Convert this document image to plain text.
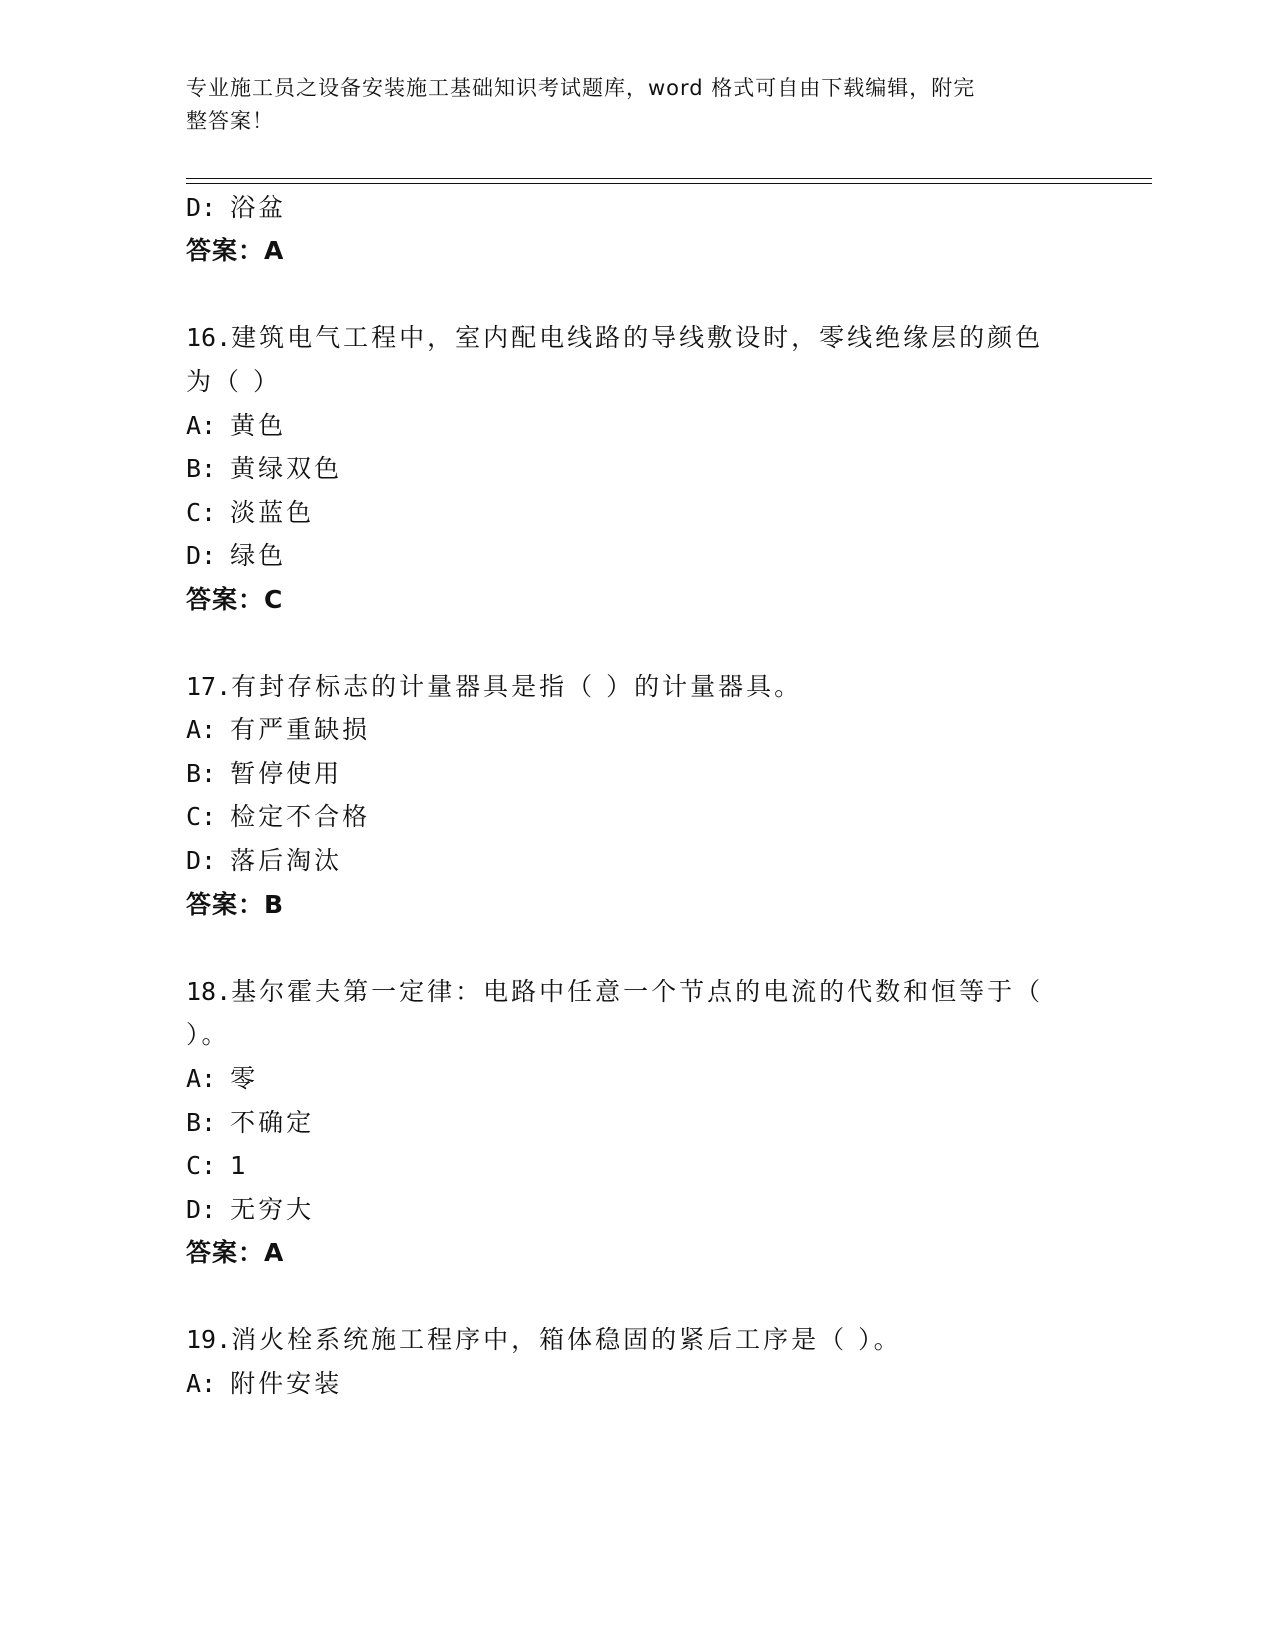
专业施工员之设备安装施工基础知识考试题库，word 格式可自由下载编辑，附完
整答案！
D: 浴盆
答案：A
16.建筑电气工程中，室内配电线路的导线敷设时，零线绝缘层的颜色
为（ ）
A: 黄色
B: 黄绿双色
C: 淡蓝色
D: 绿色
答案：C
17.有封存标志的计量器具是指（ ）的计量器具。
A: 有严重缺损
B: 暂停使用
C: 检定不合格
D: 落后淘汰
答案：B
18.基尔霍夫第一定律：电路中任意一个节点的电流的代数和恒等于（
）。
A: 零
B: 不确定
C: 1
D: 无穷大
答案：A
19.消火栓系统施工程序中，箱体稳固的紧后工序是（ ）。
A: 附件安装
